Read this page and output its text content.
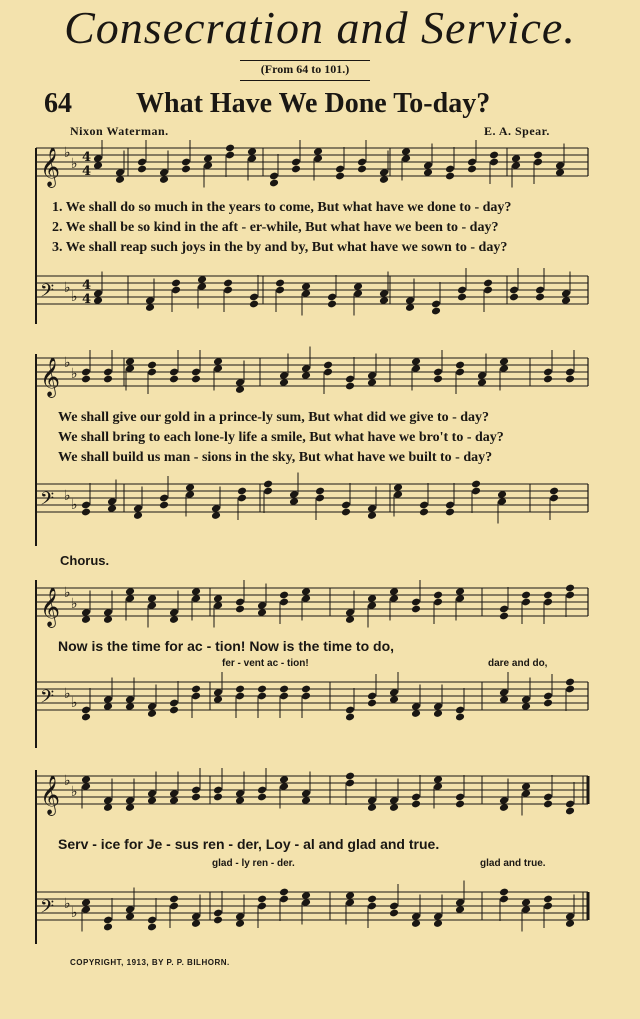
Consecration and Service.
(From 64 to 101.)
64 What Have We Done To-day?
Nixon Waterman.	E. A. Spear.
𝄞 ♭
♭ 4
4
1. We shall do so much in the years to come, But what have we done to - day?
2. We shall be so kind in the aft - er-while, But what have we been to - day?
3. We shall reap such joys in the by and by, But what have we sown to - day?
𝄢 ♭
♭
4
4
𝄞 ♭
♭
We shall give our gold in a prince-ly sum, But what did we give to - day?
We shall bring to each lone-ly life a smile, But what have we bro't to - day?
We shall build us man - sions in the sky, But what have we built to - day?
𝄢 ♭
♭
Chorus.
𝄞 ♭
♭
Now is the time for ac - tion! Now is the time to do,
fer - vent ac - tion!	dare and do,
𝄢 ♭
♭
𝄞 ♭
♭
Serv - ice for Je - sus ren - der, Loy - al and glad and true.
glad - ly ren - der.	glad and true.
𝄢 ♭
♭
COPYRIGHT, 1913, BY P. P. BILHORN.
